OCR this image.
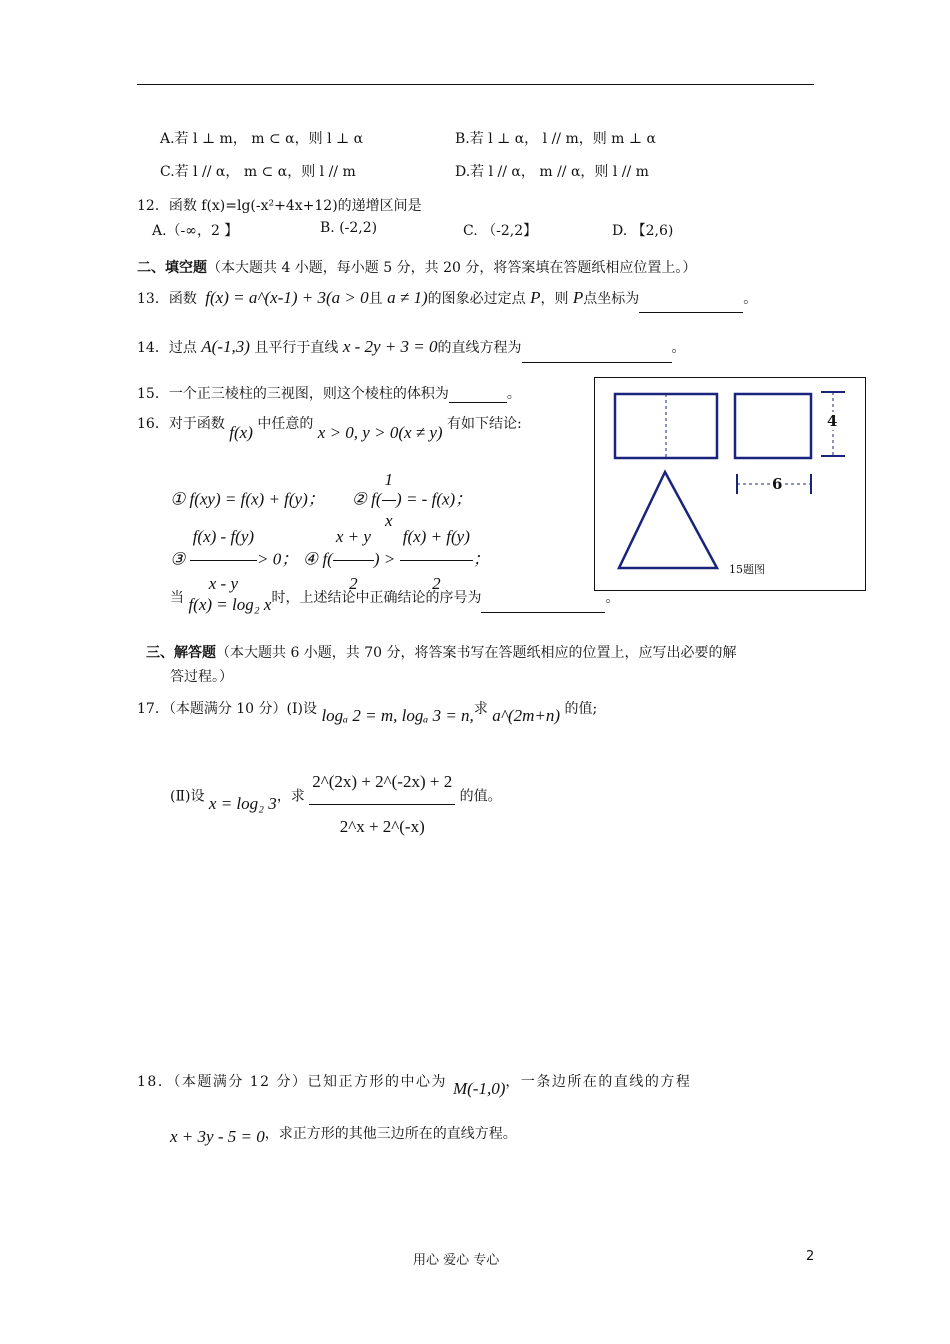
A.若 l ⊥ m， m ⊂ α，则 l ⊥ α	B.若 l ⊥ α， l // m，则 m ⊥ α
C.若 l // α， m ⊂ α，则 l // m	D.若 l // α， m // α，则 l // m
12．函数 f(x)=lg(-x²+4x+12)的递增区间是
A.（-∞，2 】	B. (-2,2)	C. （-2,2】	D. 【2,6)
二、填空题（本大题共 4 小题，每小题 5 分，共 20 分，将答案填在答题纸相应位置上。）
13．函数 f(x) = a^(x-1) + 3(a > 0且 a ≠ 1)的图象必过定点 P，则 P点坐标为	。
14．过点 A(-1,3) 且平行于直线 x - 2y + 3 = 0的直线方程为	。
15．一个正三棱柱的三视图，则这个棱柱的体积为	。
4
6
15题图
16．对于函数 f(x) 中任意的 x > 0, y > 0(x ≠ y) 有如下结论:
① f(xy) = f(x) + f(y)； ② $f( \frac{1}{x}$ ) = - f(x)；
③ $\frac{f(x) - f(y)}{x - y} > 0$； ④ $f( \frac{x + y}{2}$ ) > $\frac{f(x) + f(y)}{2}$ ；
当 f(x) = log₂ x时，上述结论中正确结论的序号为	。
三、解答题（本大题共 6 小题，共 70 分，将答案书写在答题纸相应的位置上，应写出必要的解
答过程。）
17．（本题满分 10 分）(Ⅰ)设 logₐ 2 = m, logₐ 3 = n,求 a^(2m+n) 的值;
(Ⅱ)设 x = log₂ 3，求 $\frac{2\^{}(2x) + 2\^{}(-2x) + 2}{2\^{}x + 2\^{}(-x)}$ 的值。
18．（本题满分 12 分）已知正方形的中心为 M(-1,0)，一条边所在的直线的方程
x + 3y - 5 = 0，求正方形的其他三边所在的直线方程。
用心 爱心 专心	2
